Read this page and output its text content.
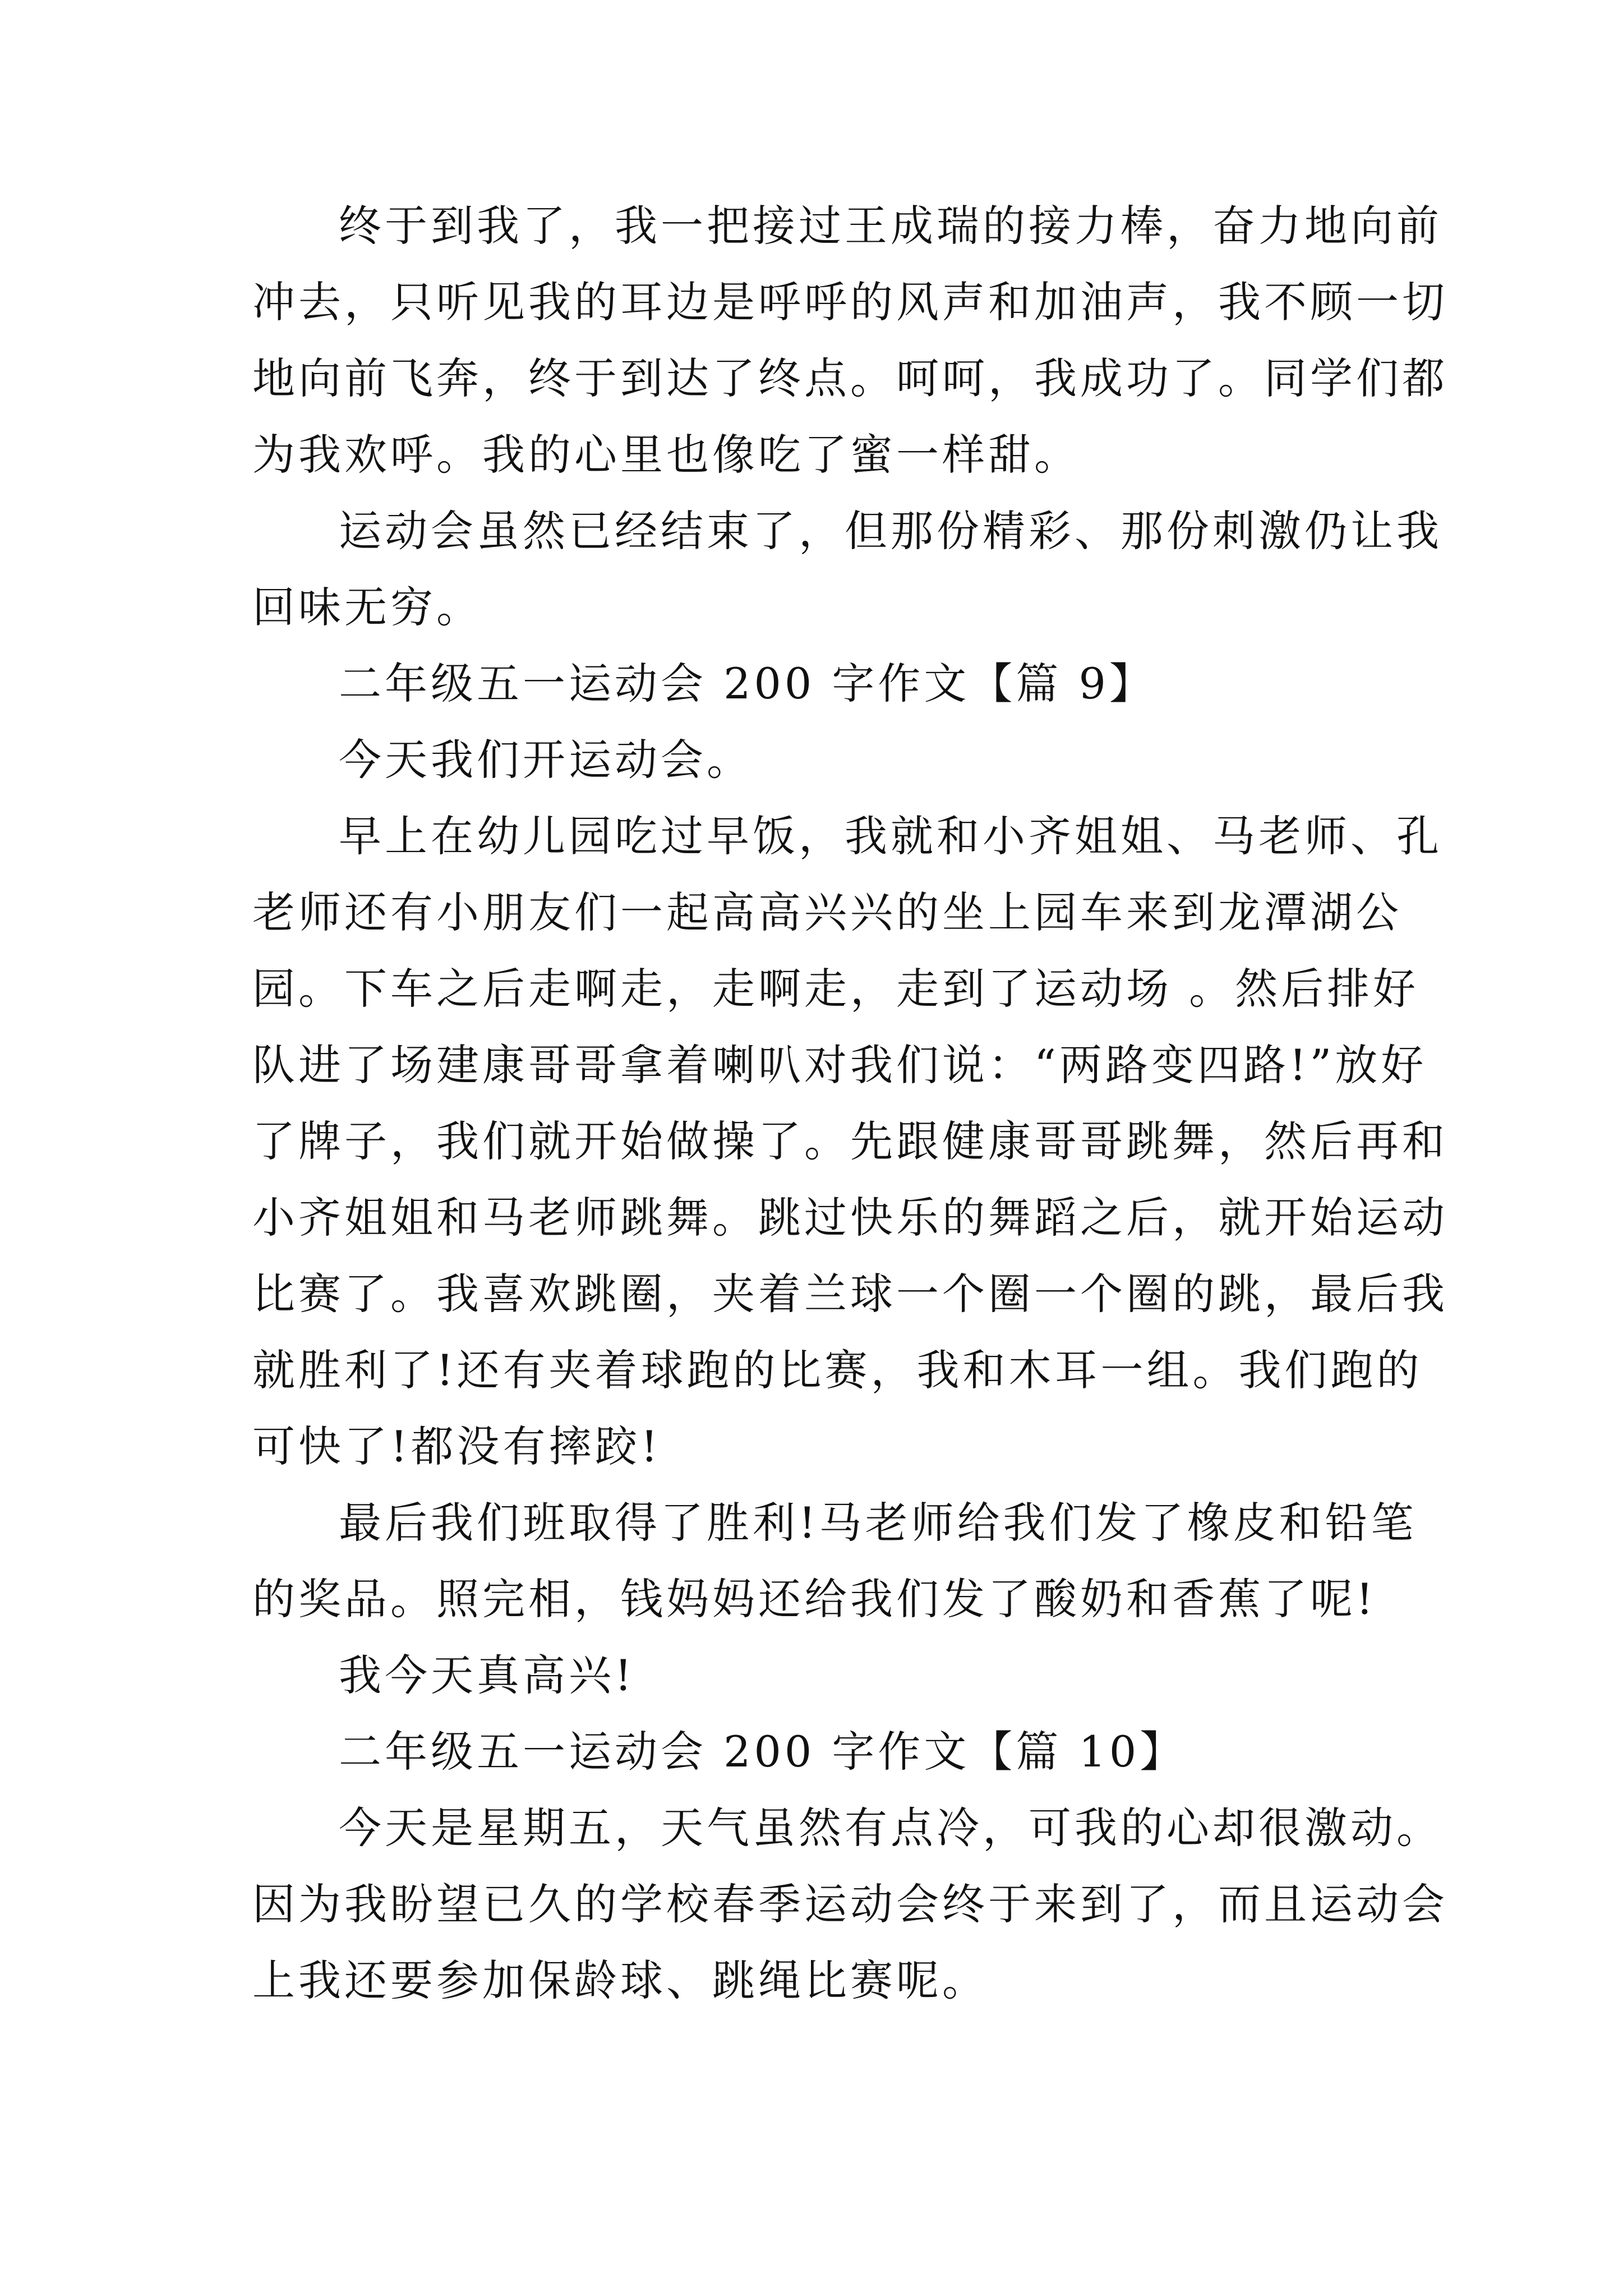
终于到我了，我一把接过王成瑞的接力棒，奋力地向前
冲去，只听见我的耳边是呼呼的风声和加油声，我不顾一切
地向前飞奔，终于到达了终点。呵呵，我成功了。同学们都
为我欢呼。我的心里也像吃了蜜一样甜。
运动会虽然已经结束了，但那份精彩、那份刺激仍让我
回味无穷。
二年级五一运动会 200 字作文【篇 9】
今天我们开运动会。
早上在幼儿园吃过早饭，我就和小齐姐姐、马老师、孔
老师还有小朋友们一起高高兴兴的坐上园车来到龙潭湖公
园。下车之后走啊走，走啊走，走到了运动场 。然后排好
队进了场建康哥哥拿着喇叭对我们说：“两路变四路!”放好
了牌子，我们就开始做操了。先跟健康哥哥跳舞，然后再和
小齐姐姐和马老师跳舞。跳过快乐的舞蹈之后，就开始运动
比赛了。我喜欢跳圈，夹着兰球一个圈一个圈的跳，最后我
就胜利了!还有夹着球跑的比赛，我和木耳一组。我们跑的
可快了!都没有摔跤!
最后我们班取得了胜利!马老师给我们发了橡皮和铅笔
的奖品。照完相，钱妈妈还给我们发了酸奶和香蕉了呢!
我今天真高兴!
二年级五一运动会 200 字作文【篇 10】
今天是星期五，天气虽然有点冷，可我的心却很激动。
因为我盼望已久的学校春季运动会终于来到了，而且运动会
上我还要参加保龄球、跳绳比赛呢。
